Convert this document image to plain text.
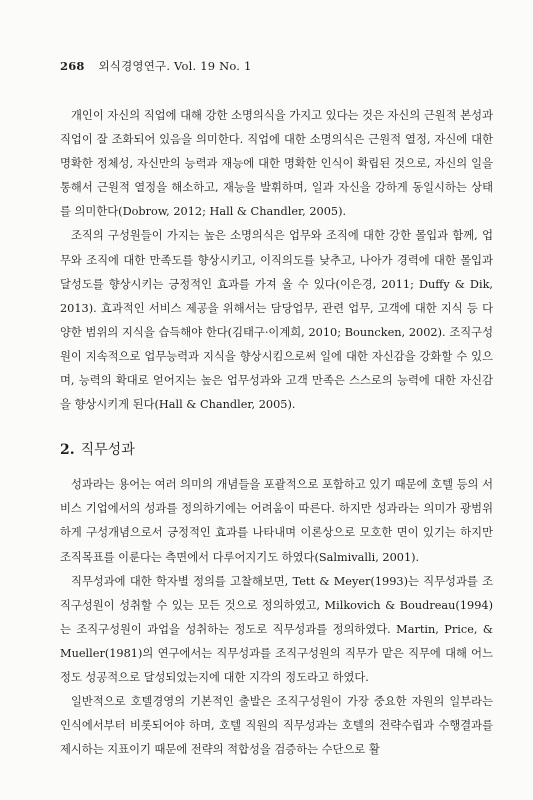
268 외식경영연구. Vol. 19 No. 1

개인이 자신의 직업에 대해 강한 소명의식을 가지고 있다는 것은 자신의 근원적 본성과 직업이 잘 조화되어 있음을 의미한다. 직업에 대한 소명의식은 근원적 열정, 자신에 대한 명확한 정체성, 자신만의 능력과 재능에 대한 명확한 인식이 확립된 것으로, 자신의 일을 통해서 근원적 열정을 해소하고, 재능을 발휘하며, 일과 자신을 강하게 동일시하는 상태를 의미한다(Dobrow, 2012; Hall & Chandler, 2005).

조직의 구성원들이 가지는 높은 소명의식은 업무와 조직에 대한 강한 몰입과 함께, 업무와 조직에 대한 만족도를 향상시키고, 이직의도를 낮추고, 나아가 경력에 대한 몰입과 달성도를 향상시키는 긍정적인 효과를 가져 올 수 있다(이은경, 2011; Duffy & Dik, 2013). 효과적인 서비스 제공을 위해서는 담당업무, 관련 업무, 고객에 대한 지식 등 다양한 범위의 지식을 습득해야 한다(김태구·이계희, 2010; Bouncken, 2002). 조직구성원이 지속적으로 업무능력과 지식을 향상시킴으로써 일에 대한 자신감을 강화할 수 있으며, 능력의 확대로 얻어지는 높은 업무성과와 고객 만족은 스스로의 능력에 대한 자신감을 향상시키게 된다(Hall & Chandler, 2005).

2. 직무성과

성과라는 용어는 여러 의미의 개념들을 포괄적으로 포함하고 있기 때문에 호텔 등의 서비스 기업에서의 성과를 정의하기에는 어려움이 따른다. 하지만 성과라는 의미가 광범위하게 구성개념으로서 긍정적인 효과를 나타내며 이론상으로 모호한 면이 있기는 하지만 조직목표를 이룬다는 측면에서 다루어지기도 하였다(Salmivalli, 2001).

직무성과에 대한 학자별 정의를 고찰해보면, Tett & Meyer(1993)는 직무성과를 조직구성원이 성취할 수 있는 모든 것으로 정의하였고, Milkovich & Boudreau(1994)는 조직구성원이 과업을 성취하는 정도로 직무성과를 정의하였다. Martin, Price, & Mueller(1981)의 연구에서는 직무성과를 조직구성원의 직무가 맡은 직무에 대해 어느 정도 성공적으로 달성되었는지에 대한 지각의 정도라고 하였다.

일반적으로 호텔경영의 기본적인 출발은 조직구성원이 가장 중요한 자원의 일부라는 인식에서부터 비롯되어야 하며, 호텔 직원의 직무성과는 호텔의 전략수립과 수행결과를 제시하는 지표이기 때문에 전략의 적합성을 검증하는 수단으로 활
